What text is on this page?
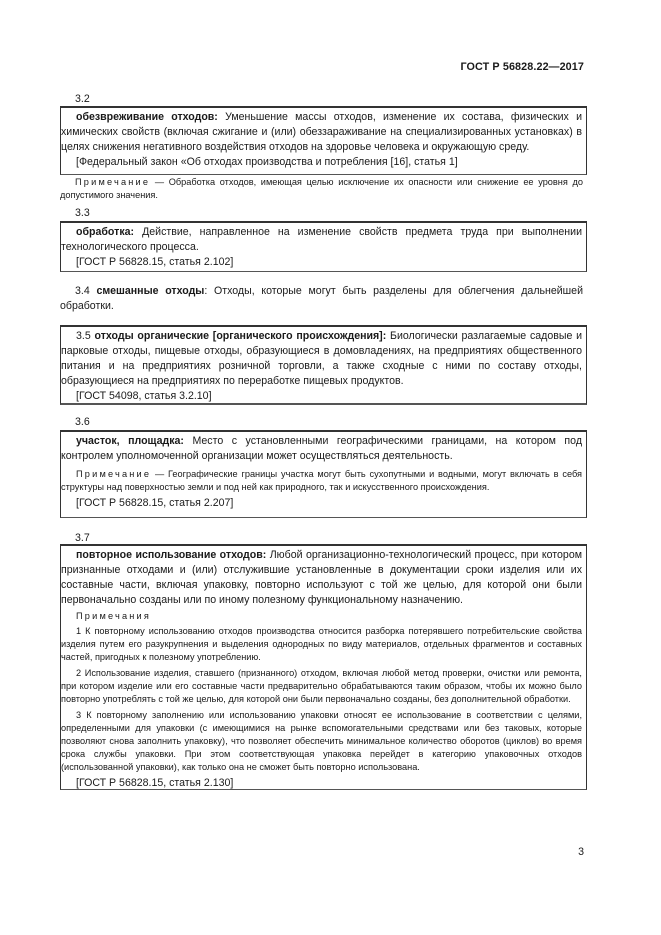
ГОСТ Р 56828.22—2017
3.2

обезвреживание отходов: Уменьшение массы отходов, изменение их состава, физических и химических свойств (включая сжигание и (или) обеззараживание на специализированных установках) в целях снижения негативного воздействия отходов на здоровье человека и окружающую среду.

[Федеральный закон «Об отходах производства и потребления [16], статья 1]

Примечание — Обработка отходов, имеющая целью исключение их опасности или снижение ее уровня до допустимого значения.

3.3

обработка: Действие, направленное на изменение свойств предмета труда при выполнении технологического процесса.

[ГОСТ Р 56828.15, статья 2.102]

3.4 смешанные отходы: Отходы, которые могут быть разделены для облегчения дальнейшей обработки.

3.5 отходы органические [органического происхождения]: Биологически разлагаемые садовые и парковые отходы, пищевые отходы, образующиеся в домовладениях, на предприятиях общественного питания и на предприятиях розничной торговли, а также сходные с ними по составу отходы, образующиеся на предприятиях по переработке пищевых продуктов.

[ГОСТ 54098, статья 3.2.10]

3.6

участок, площадка: Место с установленными географическими границами, на котором под контролем уполномоченной организации может осуществляться деятельность.

Примечание — Географические границы участка могут быть сухопутными и водными, могут включать в себя структуры над поверхностью земли и под ней как природного, так и искусственного происхождения.

[ГОСТ Р 56828.15, статья 2.207]

3.7

повторное использование отходов: Любой организационно-технологический процесс, при котором признанные отходами и (или) отслужившие установленные в документации сроки изделия или их составные части, включая упаковку, повторно используют с той же целью, для которой они были первоначально созданы или по иному полезному функциональному назначению.

Примечания

1 К повторному использованию отходов производства относится разборка потерявшего потребительские свойства изделия путем его разукрупнения и выделения однородных по виду материалов, отдельных фрагментов и составных частей, пригодных к полезному употреблению.

2 Использование изделия, ставшего (признанного) отходом, включая любой метод проверки, очистки или ремонта, при котором изделие или его составные части предварительно обрабатываются таким образом, чтобы их можно было повторно употреблять с той же целью, для которой они были первоначально созданы, без дополнительной обработки.

3 К повторному заполнению или использованию упаковки относят ее использование в соответствии с целями, определенными для упаковки (с имеющимися на рынке вспомогательными средствами или без таковых, которые позволяют снова заполнить упаковку), что позволяет обеспечить минимальное количество оборотов (циклов) во время срока службы упаковки. При этом соответствующая упаковка перейдет в категорию упаковочных отходов (использованной упаковки), как только она не сможет быть повторно использована.

[ГОСТ Р 56828.15, статья 2.130]

3
